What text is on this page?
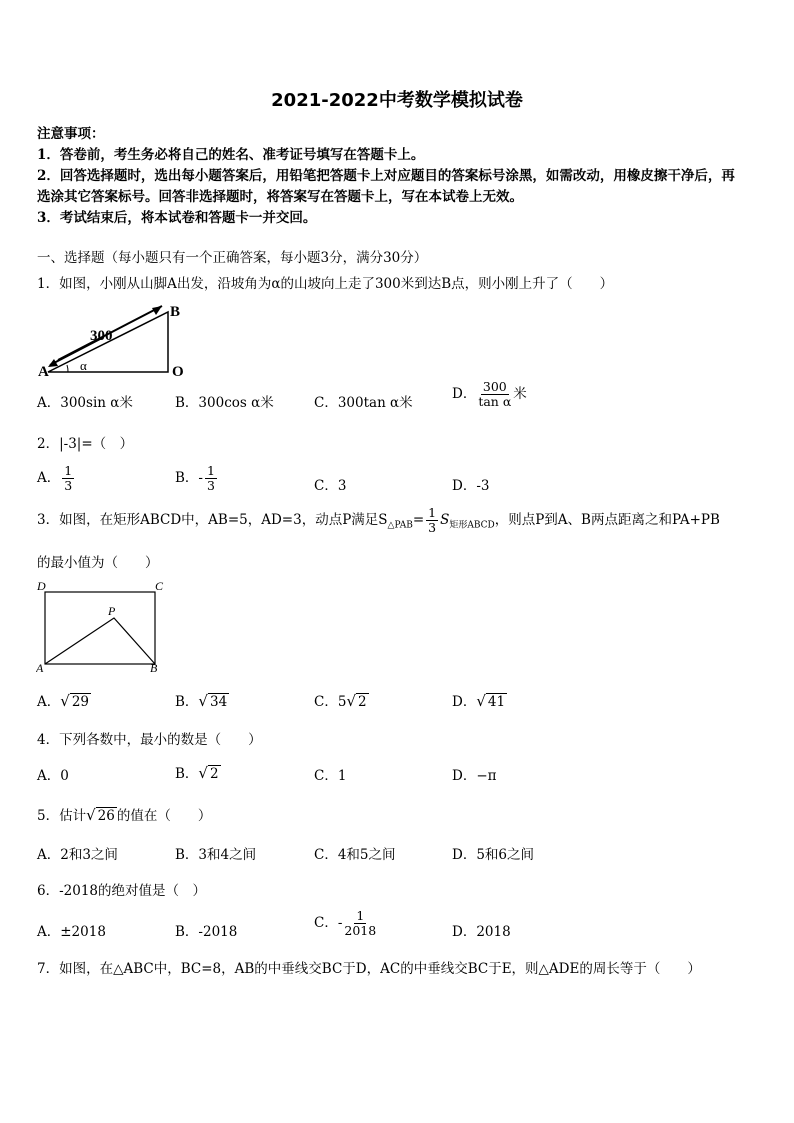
2021-2022中考数学模拟试卷
注意事项：
1．答卷前，考生务必将自己的姓名、准考证号填写在答题卡上。
2．回答选择题时，选出每小题答案后，用铅笔把答题卡上对应题目的答案标号涂黑，如需改动，用橡皮擦干净后，再
选涂其它答案标号。回答非选择题时，将答案写在答题卡上，写在本试卷上无效。
3．考试结束后，将本试卷和答题卡一并交回。
一、选择题（每小题只有一个正确答案，每小题3分，满分30分）
1．如图，小刚从山脚A出发，沿坡角为α的山坡向上走了300米到达B点，则小刚上升了（　　）
A
B
O
300
α
A．300sin α米	B．300cos α米	C．300tan α米
D． $\frac{300}{\text{tan α}}$ 米
2．|-3|=（　）
A． $\frac{1}{3}$	B．- $\frac{1}{3}$	C．3	D．-3
3．如图，在矩形ABCD中，AB=5，AD=3，动点P满足$S_{\triangle PAB}= \frac{1}{3} S_{矩形ABCD}$，则点P到A、B两点距离之和PA+PB
的最小值为（　　）
A	B
C
D
P
A．√ 29	B．√ 34	C．5√ 2	D．√ 41
4．下列各数中，最小的数是（　　）
A．0	B．√ 2	C．1	D．−π
5．估计√ 26 的值在（　　）
A．2和3之间	B．3和4之间	C．4和5之间	D．5和6之间
6．-2018的绝对值是（　）
A．±2018	B．-2018
C．- $\frac{1}{2018}$	D．2018
7．如图，在△ABC中，BC=8，AB的中垂线交BC于D，AC的中垂线交BC于E，则△ADE的周长等于（　　）
